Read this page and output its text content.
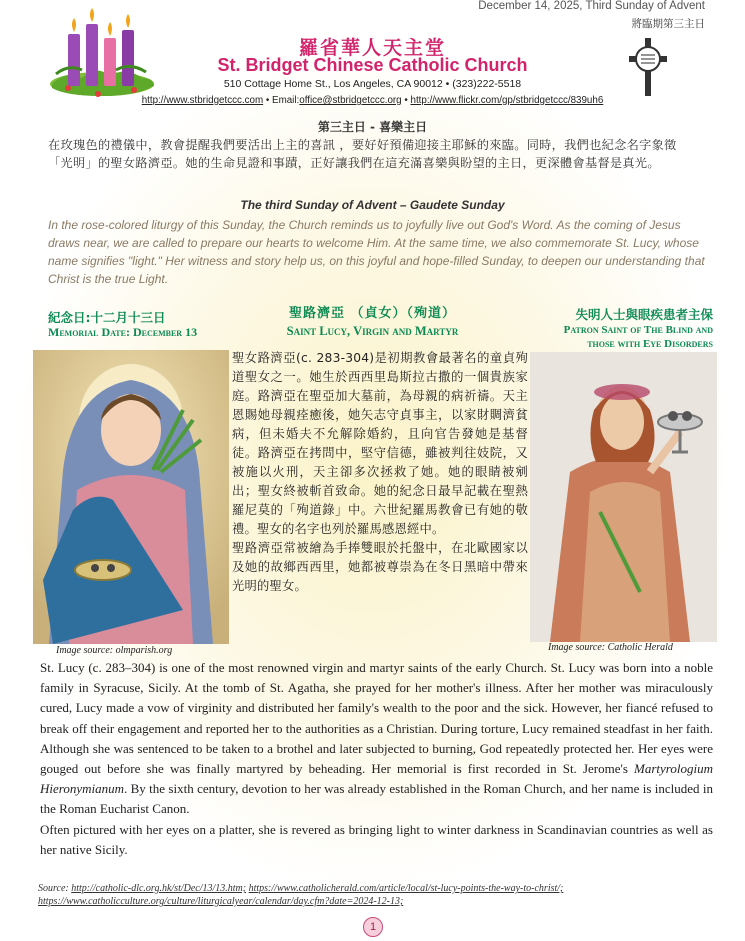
December 14, 2025, Third Sunday of Advent
將臨期第三主日
羅省華人天主堂
St. Bridget Chinese Catholic Church
510 Cottage Home St., Los Angeles, CA 90012 • (323)222-5518
http://www.stbridgetccc.com • Email:office@stbridgetccc.org • http://www.flickr.com/gp/stbridgetccc/839uh6
第三主日 - 喜樂主日
在玫瑰色的禮儀中，教會提醒我們要活出上主的喜訊 ，要好好預備迎接主耶穌的來臨。同時，我們也紀念名字象徵「光明」的聖女路濟亞。她的生命見證和事蹟，正好讓我們在這充滿喜樂與盼望的主日，更深體會基督是真光。
The third Sunday of Advent – Gaudete Sunday
In the rose-colored liturgy of this Sunday, the Church reminds us to joyfully live out God's Word. As the coming of Jesus draws near, we are called to prepare our hearts to welcome Him. At the same time, we also commemorate St. Lucy, whose name signifies "light." Her witness and story help us, on this joyful and hope-filled Sunday, to deepen our understanding that Christ is the true Light.
紀念日:十二月十三日
Memorial Date: December 13
聖路濟亞 （貞女）（殉道）
Saint Lucy, Virgin and Martyr
失明人士與眼疾患者主保
Patron Saint of The Blind and those with Eye Disorders
Image source: olmparish.org	Image source: Catholic Herald

聖女路濟亞(c. 283-304)是初期教會最著名的童貞殉道聖女之一。她生於西西里島斯拉古撒的一個貴族家庭。路濟亞在聖亞加大墓前，為母親的病祈禱。天主恩賜她母親痊癒後，她矢志守貞事主，以家財賙濟貧病，但未婚夫不允解除婚約，且向官告發她是基督徒。路濟亞在拷問中，堅守信德，雖被判往妓院，又被施以火刑，天主卻多次拯救了她。她的眼睛被剜出；聖女終被斬首致命。她的紀念日最早記載在聖熱羅尼莫的「殉道錄」中。六世紀羅馬教會已有她的敬禮。聖女的名字也列於羅馬感恩經中。

聖路濟亞常被繪為手捧雙眼於托盤中，在北歐國家以及她的故鄉西西里，她都被尊崇為在冬日黑暗中帶來光明的聖女。

St. Lucy (c. 283–304) is one of the most renowned virgin and martyr saints of the early Church. St. Lucy was born into a noble family in Syracuse, Sicily. At the tomb of St. Agatha, she prayed for her mother's illness. After her mother was miraculously cured, Lucy made a vow of virginity and distributed her family's wealth to the poor and the sick. However, her fiancé refused to break off their engagement and reported her to the authorities as a Christian. During torture, Lucy remained steadfast in her faith. Although she was sentenced to be taken to a brothel and later subjected to burning, God repeatedly protected her. Her eyes were gouged out before she was finally martyred by beheading. Her memorial is first recorded in St. Jerome's Martyrologium Hieronymianum. By the sixth century, devotion to her was already established in the Roman Church, and her name is included in the Roman Eucharist Canon.

Often pictured with her eyes on a platter, she is revered as bringing light to winter darkness in Scandinavian countries as well as her native Sicily.

Source: http://catholic-dlc.org.hk/st/Dec/13/13.htm; https://www.catholicherald.com/article/local/st-lucy-points-the-way-to-christ/; https://www.catholicculture.org/culture/liturgicalyear/calendar/day.cfm?date=2024-12-13;
1
